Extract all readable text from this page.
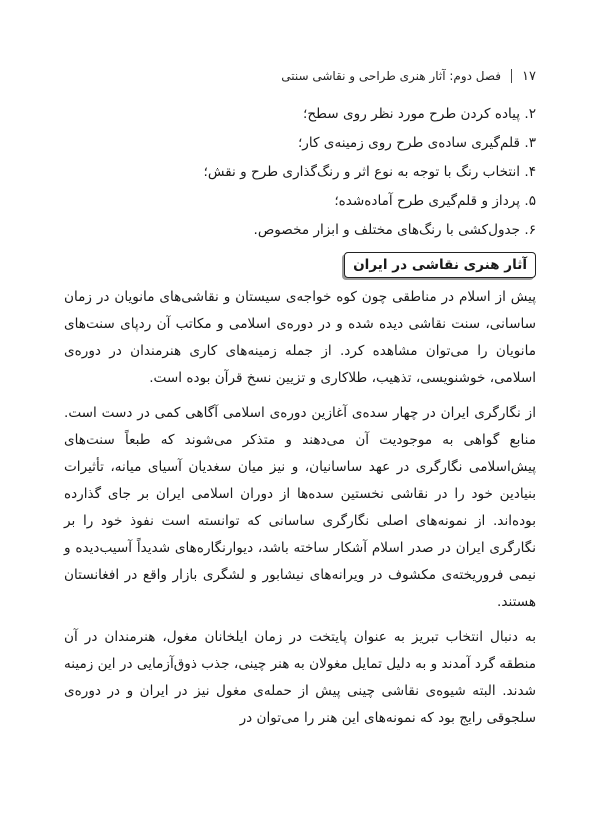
۱۷
فصل دوم: آثار هنری طراحی و نقاشی سنتی
۲. پیاده کردن طرح مورد نظر روی سطح؛
۳. قلم‌گیری ساده‌ی طرح روی زمینه‌ی کار؛
۴. انتخاب رنگ با توجه به نوع اثر و رنگ‌گذاری طرح و نقش؛
۵. پرداز و قلم‌گیری طرح آماده‌شده؛
۶. جدول‌کشی با رنگ‌های مختلف و ابزار مخصوص.
آثار هنری نقاشی در ایران

پیش از اسلام در مناطقی چون کوه خواجه‌ی سیستان و نقاشی‌های مانویان در زمان ساسانی، سنت نقاشی دیده شده و در دوره‌ی اسلامی و مکاتب آن ردپای سنت‌های مانویان را می‌توان مشاهده کرد. از جمله زمینه‌های کاری هنرمندان در دوره‌ی اسلامی، خوشنویسی، تذهیب، طلاکاری و تزیین نسخ قرآن بوده است.

از نگارگری ایران در چهار سده‌ی آغازین دوره‌ی اسلامی آگاهی کمی در دست است. منابع گواهی به موجودیت آن می‌دهند و متذکر می‌شوند که طبعاً سنت‌های پیش‌اسلامی نگارگری در عهد ساسانیان، و نیز میان سغدیان آسیای میانه، تأثیرات بنیادین خود را در نقاشی نخستین سده‌ها از دوران اسلامی ایران بر جای گذارده بوده‌اند. از نمونه‌های اصلی نگارگری ساسانی که توانسته است نفوذ خود را بر نگارگری ایران در صدر اسلام آشکار ساخته باشد، دیوارنگاره‌های شدیداً آسیب‌دیده و نیمی فروریخته‌ی مکشوف در ویرانه‌های نیشابور و لشگری بازار واقع در افغانستان هستند.

به دنبال انتخاب تبریز به عنوان پایتخت در زمان ایلخانان مغول، هنرمندان در آن منطقه گرد آمدند و به دلیل تمایل مغولان به هنر چینی، جذب ذوق‌آزمایی در این زمینه شدند. البته شیوه‌ی نقاشی چینی پیش از حمله‌ی مغول نیز در ایران و در دوره‌ی سلجوقی رایج بود که نمونه‌های این هنر را می‌توان در
